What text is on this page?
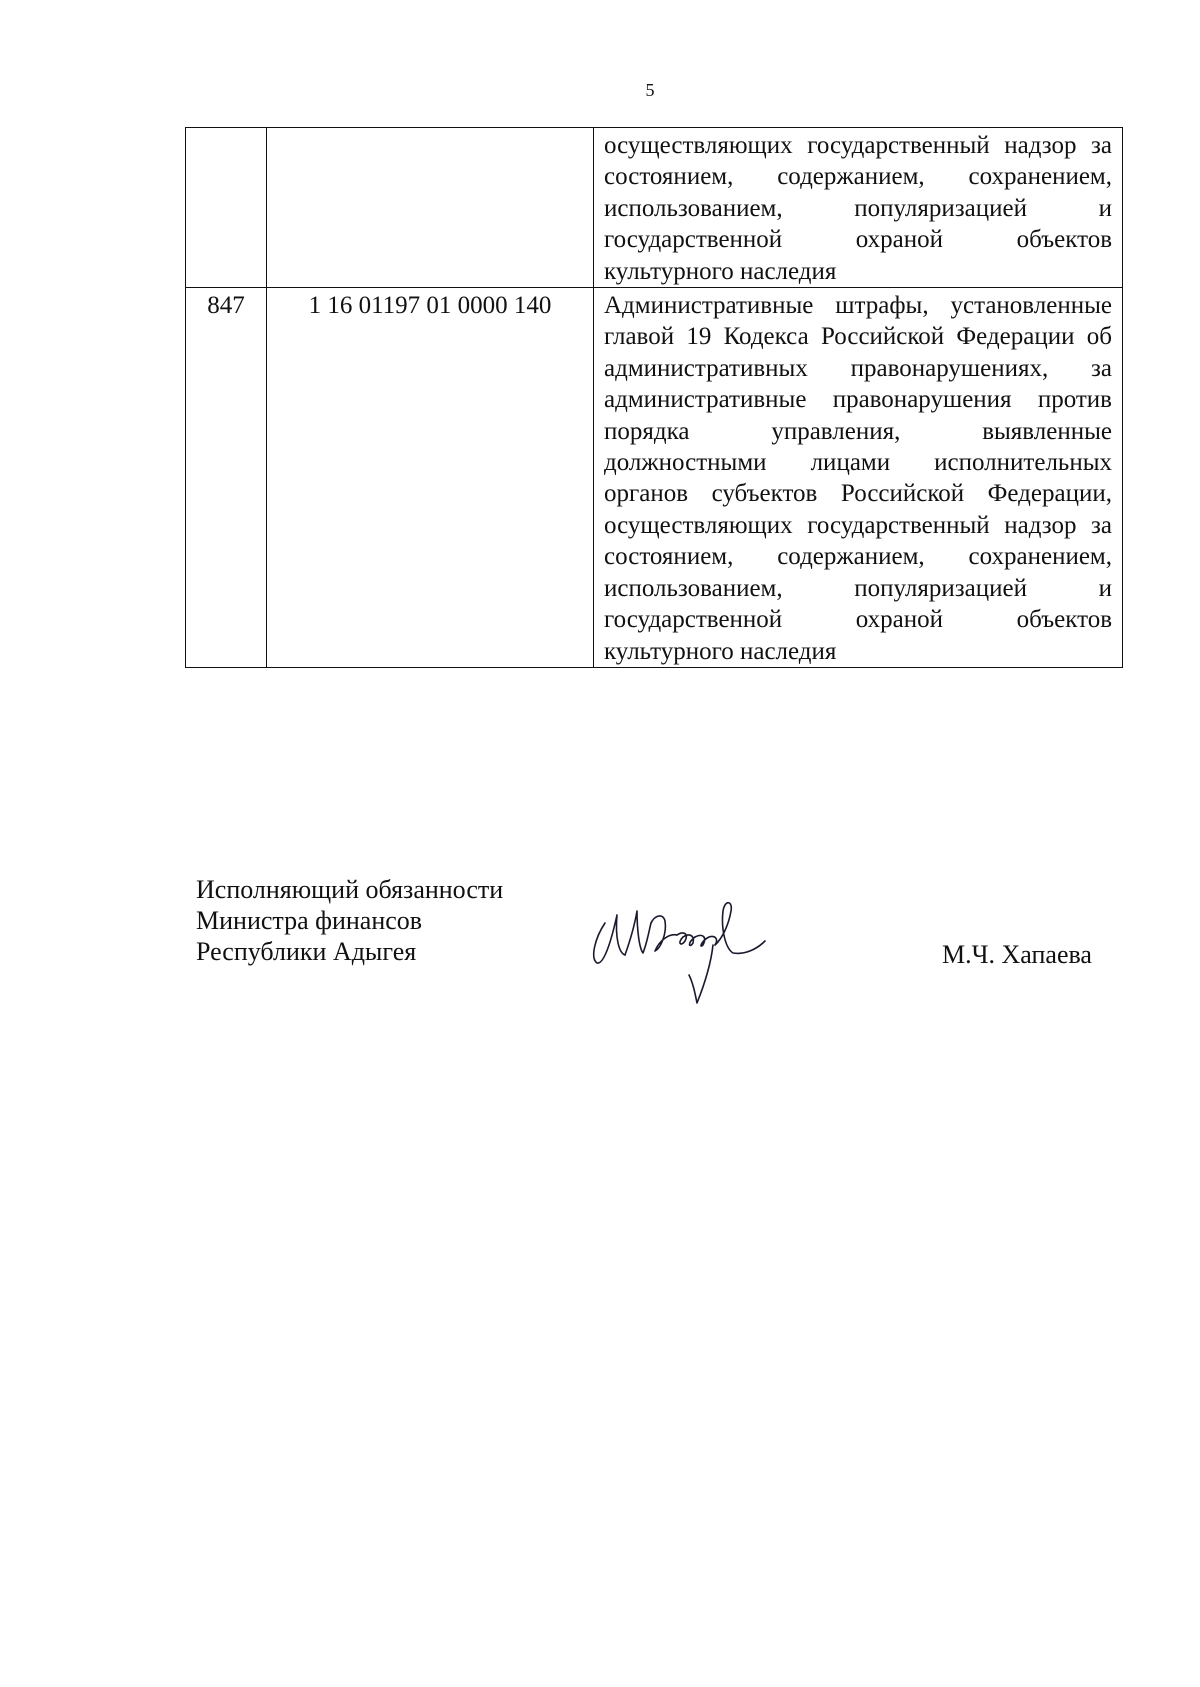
5
		осуществляющих государственный надзор за состоянием, содержанием, сохранением, использованием, популяризацией и государственной охраной объектов культурного наследия
847	1 16 01197 01 0000 140	Административные штрафы, установленные главой 19 Кодекса Российской Федерации об административных правонарушениях, за административные правонарушения против порядка управления, выявленные должностными лицами исполнительных органов субъектов Российской Федерации, осуществляющих государственный надзор за состоянием, содержанием, сохранением, использованием, популяризацией и государственной охраной объектов культурного наследия
Исполняющий обязанности
Министра финансов
Республики Адыгея	М.Ч. Хапаева
